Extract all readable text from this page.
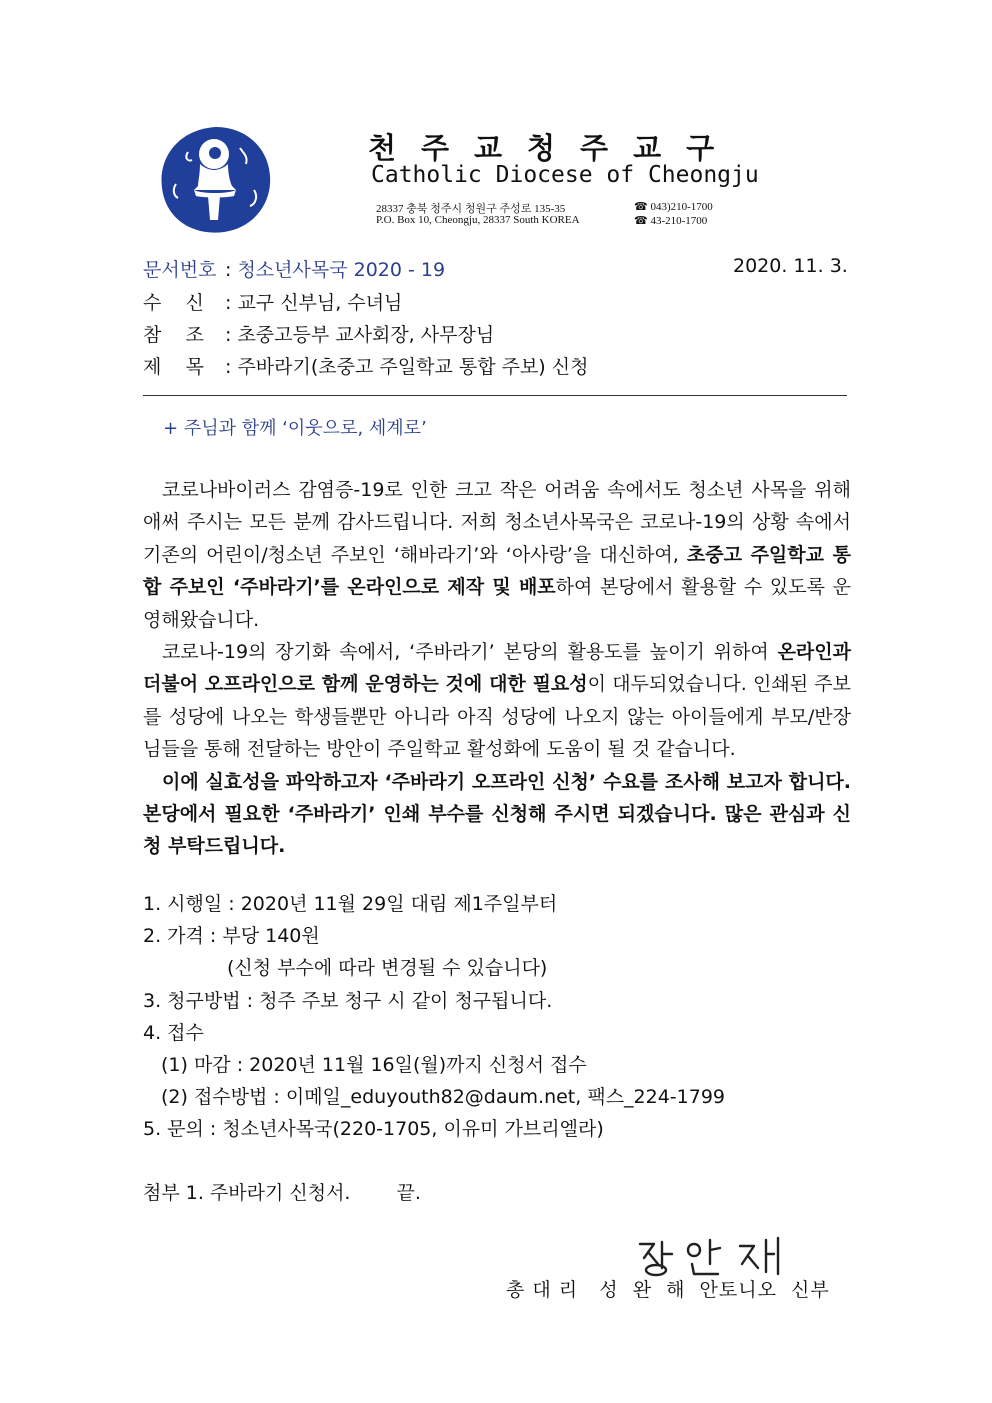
천주교청주교구
Catholic Diocese of Cheongju
28337 충북 청주시 청원구 주성로 135-35	☎ 043)210-1700
P.O. Box 10, Cheongju, 28337 South KOREA	☎ 43-210-1700
문서번호 : 청소년사목국 2020 - 19	2020. 11. 3.
수    신 : 교구 신부님, 수녀님
참    조 : 초중고등부 교사회장, 사무장님
제    목 : 주바라기(초중고 주일학교 통합 주보) 신청
+ 주님과 함께 ‘이웃으로, 세계로’

코로나바이러스 감염증-19로 인한 크고 작은 어려움 속에서도 청소년 사목을 위해 애써 주시는 모든 분께 감사드립니다. 저희 청소년사목국은 코로나-19의 상황 속에서 기존의 어린이/청소년 주보인 ‘해바라기’와 ‘아사랑’을 대신하여, 초중고 주일학교 통합 주보인 ‘주바라기’를 온라인으로 제작 및 배포하여 본당에서 활용할 수 있도록 운영해왔습니다.

코로나-19의 장기화 속에서, ‘주바라기’ 본당의 활용도를 높이기 위하여 온라인과 더불어 오프라인으로 함께 운영하는 것에 대한 필요성이 대두되었습니다. 인쇄된 주보를 성당에 나오는 학생들뿐만 아니라 아직 성당에 나오지 않는 아이들에게 부모/반장님들을 통해 전달하는 방안이 주일학교 활성화에 도움이 될 것 같습니다.

이에 실효성을 파악하고자 ‘주바라기 오프라인 신청’ 수요를 조사해 보고자 합니다. 본당에서 필요한 ‘주바라기’ 인쇄 부수를 신청해 주시면 되겠습니다. 많은 관심과 신청 부탁드립니다.

1. 시행일 : 2020년 11월 29일 대림 제1주일부터
2. 가격 : 부당 140원
(신청 부수에 따라 변경될 수 있습니다)
3. 청구방법 : 청주 주보 청구 시 같이 청구됩니다.
4. 접수
(1) 마감 : 2020년 11월 16일(월)까지 신청서 접수
(2) 접수방법 : 이메일_eduyouth82@daum.net, 팩스_224-1799
5. 문의 : 청소년사목국(220-1705, 이유미 가브리엘라)
첨부 1. 주바라기 신청서. 끝.
총 대 리   성  완  해  안토니오  신부
